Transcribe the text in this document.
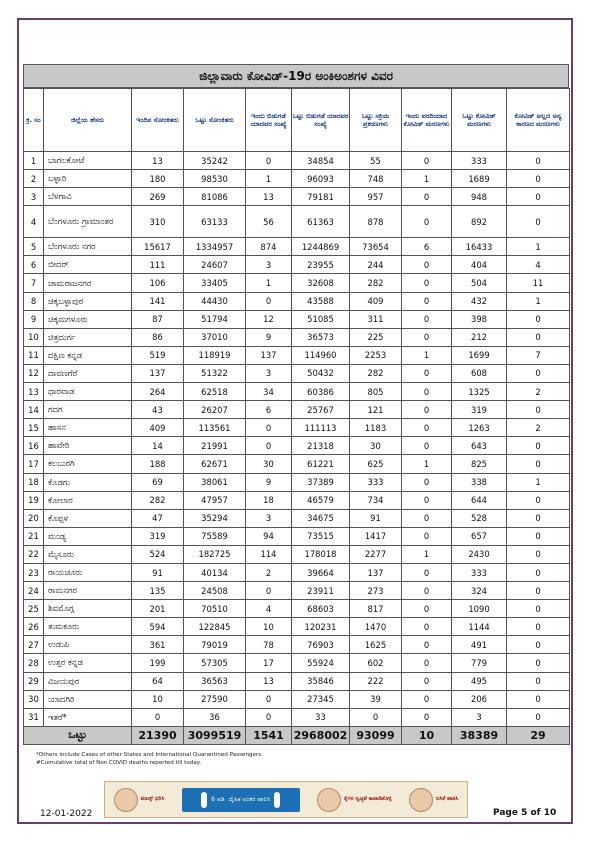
ಜಿಲ್ಲಾವಾರು ಕೋವಿಡ್-19ರ ಅಂಕಿಅಂಶಗಳ ವಿವರ
ಕ್ರ. ಸಂ	ಜಿಲ್ಲೆಯ ಹೆಸರು	ಇಂದಿನ ಸೋಂಕಿತರು	ಒಟ್ಟು ಸೋಂಕಿತರು	ಇಂದು ಬಿಡುಗಡೆ ಯಾದವರ ಸಂಖ್ಯೆ	ಒಟ್ಟು ಬಿಡುಗಡೆ ಯಾದವರ ಸಂಖ್ಯೆ	ಒಟ್ಟು ಸಕ್ರಿಯ ಪ್ರಕರಣಗಳು	ಇಂದು ವರದಿಯಾದ ಕೋವಿಡ್ ಮರಣಗಳು	ಒಟ್ಟು ಕೋವಿಡ್ ಮರಣಗಳು	ಕೋವಿಡ್ ಅಲ್ಲದ ಅನ್ಯ ಕಾರಣದ ಮರಣಗಳು
1	ಬಾಗಲಕೋಟೆ	13	35242	0	34854	55	0	333	0
2	ಬಳ್ಳಾರಿ	180	98530	1	96093	748	1	1689	0
3	ಬೆಳಗಾವಿ	269	81086	13	79181	957	0	948	0
4	ಬೆಂಗಳೂರು ಗ್ರಾಮಾಂತರ	310	63133	56	61363	878	0	892	0
5	ಬೆಂಗಳೂರು ನಗರ	15617	1334957	874	1244869	73654	6	16433	1
6	ಬೀದರ್	111	24607	3	23955	244	0	404	4
7	ಚಾಮರಾಜನಗರ	106	33405	1	32608	282	0	504	11
8	ಚಿಕ್ಕಬಳ್ಳಾಪುರ	141	44430	0	43588	409	0	432	1
9	ಚಿಕ್ಕಮಗಳೂರು	87	51794	12	51085	311	0	398	0
10	ಚಿತ್ರದುರ್ಗ	86	37010	9	36573	225	0	212	0
11	ದಕ್ಷಿಣ ಕನ್ನಡ	519	118919	137	114960	2253	1	1699	7
12	ದಾವಣಗೆರೆ	137	51322	3	50432	282	0	608	0
13	ಧಾರವಾಡ	264	62518	34	60386	805	0	1325	2
14	ಗದಗ	43	26207	6	25767	121	0	319	0
15	ಹಾಸನ	409	113561	0	111113	1183	0	1263	2
16	ಹಾವೇರಿ	14	21991	0	21318	30	0	643	0
17	ಕಲಬುರಗಿ	188	62671	30	61221	625	1	825	0
18	ಕೊಡಗು	69	38061	9	37389	333	0	338	1
19	ಕೋಲಾರ	282	47957	18	46579	734	0	644	0
20	ಕೊಪ್ಪಳ	47	35294	3	34675	91	0	528	0
21	ಮಂಡ್ಯ	319	75589	94	73515	1417	0	657	0
22	ಮೈಸೂರು	524	182725	114	178018	2277	1	2430	0
23	ರಾಯಚೂರು	91	40134	2	39664	137	0	333	0
24	ರಾಮನಗರ	135	24508	0	23911	273	0	324	0
25	ಶಿವಮೊಗ್ಗ	201	70510	4	68603	817	0	1090	0
26	ತುಮಕೂರು	594	122845	10	120231	1470	0	1144	0
27	ಉಡುಪಿ	361	79019	78	76903	1625	0	491	0
28	ಉತ್ತರ ಕನ್ನಡ	199	57305	17	55924	602	0	779	0
29	ವಿಜಯಪುರ	64	36563	13	35846	222	0	495	0
30	ಯಾದಗಿರಿ	10	27590	0	27345	39	0	206	0
31	ಇತರೆ*	0	36	0	33	0	0	3	0
ಒಟ್ಟು		21390	3099519	1541	2968002	93099	10	38389	29
*Others include Cases of other States and International Quarantined Passengers.
#Cumulative total of Non COVID deaths reported till today.
ಮಾಸ್ಕ್ ಧರಿಸಿ	6 ಅಡಿ ದೈಹಿಕ ಅಂತರ ಪಾಲಿಸಿ	ಕೈಗಳ ಸ್ವಚ್ಛತೆ ಕಾಪಾಡಿಕೊಳ್ಳಿ	ಲಸಿಕೆ ಹಾಕಿಸಿ
12-01-2022	Page 5 of 10
